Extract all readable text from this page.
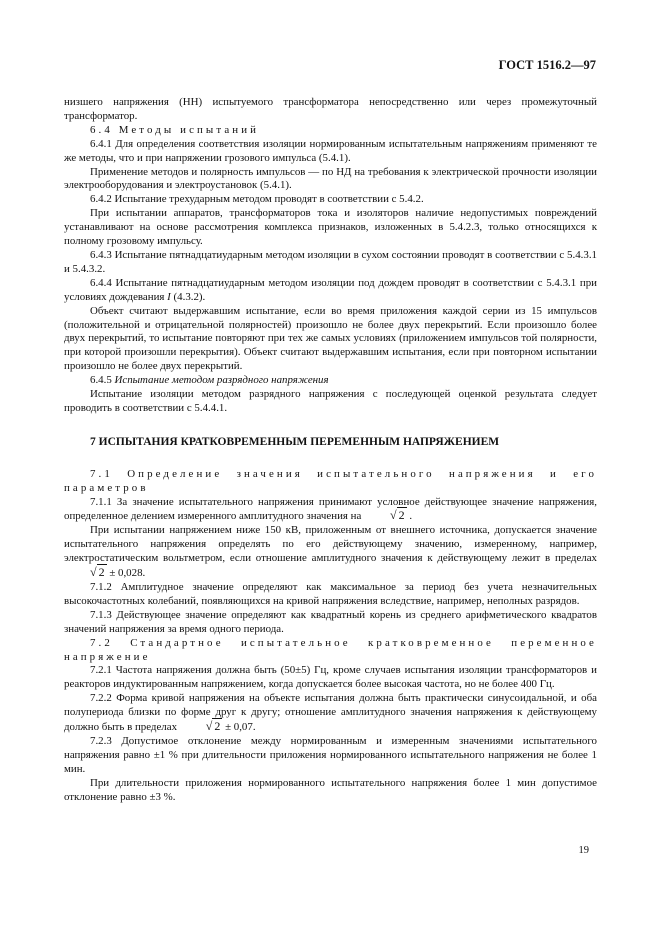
ГОСТ 1516.2—97

низшего напряжения (НН) испытуемого трансформатора непосредственно или через промежуточный трансформатор.

6.4 Методы испытаний

6.4.1 Для определения соответствия изоляции нормированным испытательным напряжениям применяют те же методы, что и при напряжении грозового импульса (5.4.1).

Применение методов и полярность импульсов — по НД на требования к электрической прочности изоляции электрооборудования и электроустановок (5.4.1).

6.4.2 Испытание трехударным методом проводят в соответствии с 5.4.2.

При испытании аппаратов, трансформаторов тока и изоляторов наличие недопустимых повреждений устанавливают на основе рассмотрения комплекса признаков, изложенных в 5.4.2.3, только относящихся к полному грозовому импульсу.

6.4.3 Испытание пятнадцатиударным методом изоляции в сухом состоянии проводят в соответствии с 5.4.3.1 и 5.4.3.2.

6.4.4 Испытание пятнадцатиударным методом изоляции под дождем проводят в соответствии с 5.4.3.1 при условиях дождевания I (4.3.2).

Объект считают выдержавшим испытание, если во время приложения каждой серии из 15 импульсов (положительной и отрицательной полярностей) произошло не более двух перекрытий. Если произошло более двух перекрытий, то испытание повторяют при тех же самых условиях (приложением импульсов той полярности, при которой произошли перекрытия). Объект считают выдержавшим испытания, если при повторном испытании произошло не более двух перекрытий.

6.4.5 Испытание методом разрядного напряжения

Испытание изоляции методом разрядного напряжения с последующей оценкой результата следует проводить в соответствии с 5.4.4.1.

7 ИСПЫТАНИЯ КРАТКОВРЕМЕННЫМ ПЕРЕМЕННЫМ НАПРЯЖЕНИЕМ

7.1 Определение значения испытательного напряжения и его параметров

7.1.1 За значение испытательного напряжения принимают условное действующее значение напряжения, определенное делением измеренного амплитудного значения на √ 2 .

При испытании напряжением ниже 150 кВ, приложенным от внешнего источника, допускается значение испытательного напряжения определять по его действующему значению, измеренному, например, электростатическим вольтметром, если отношение амплитудного значения к действующему лежит в пределах √ 2 ± 0,028.

7.1.2 Амплитудное значение определяют как максимальное за период без учета незначительных высокочастотных колебаний, появляющихся на кривой напряжения вследствие, например, неполных разрядов.

7.1.3 Действующее значение определяют как квадратный корень из среднего арифметического квадратов значений напряжения за время одного периода.

7.2 Стандартное испытательное кратковременное переменное напряжение

7.2.1 Частота напряжения должна быть (50±5) Гц, кроме случаев испытания изоляции трансформаторов и реакторов индуктированным напряжением, когда допускается более высокая частота, но не более 400 Гц.

7.2.2 Форма кривой напряжения на объекте испытания должна быть практически синусоидальной, и оба полупериода близки по форме друг к другу; отношение амплитудного значения напряжения к действующему должно быть в пределах √ 2 ± 0,07.

7.2.3 Допустимое отклонение между нормированным и измеренным значениями испытательного напряжения равно ±1 % при длительности приложения нормированного испытательного напряжения не более 1 мин.

При длительности приложения нормированного испытательного напряжения более 1 мин допустимое отклонение равно ±3 %.

19
